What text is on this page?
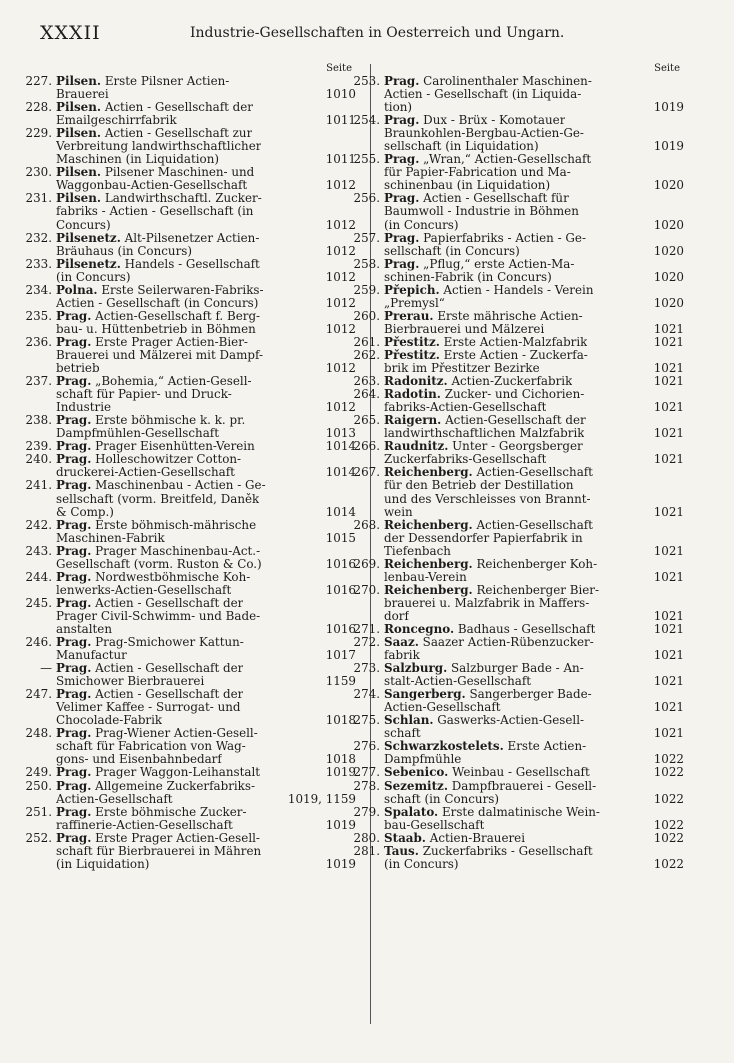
XXXII	Industrie-Gesellschaften in Oesterreich und Ungarn.
Seite
227. Pilsen. Erste Pilsner Actien-
Brauerei	1010
228. Pilsen. Actien - Gesellschaft der
Emailgeschirrfabrik	1011
229. Pilsen. Actien - Gesellschaft zur
Verbreitung landwirthschaftlicher
Maschinen (in Liquidation)	1011
230. Pilsen. Pilsener Maschinen- und
Waggonbau-Actien-Gesellschaft	1012
231. Pilsen. Landwirthschaftl. Zucker-
fabriks - Actien - Gesellschaft (in
Concurs)	1012
232. Pilsenetz. Alt-Pilsenetzer Actien-
Bräuhaus (in Concurs)	1012
233. Pilsenetz. Handels - Gesellschaft
(in Concurs)	1012
234. Polna. Erste Seilerwaren-Fabriks-
Actien - Gesellschaft (in Concurs)	1012
235. Prag. Actien-Gesellschaft f. Berg-
bau- u. Hüttenbetrieb in Böhmen	1012
236. Prag. Erste Prager Actien-Bier-
Brauerei und Mälzerei mit Dampf-
betrieb	1012
237. Prag. „Bohemia,“ Actien-Gesell-
schaft für Papier- und Druck-
Industrie	1012
238. Prag. Erste böhmische k. k. pr.
Dampfmühlen-Gesellschaft	1013
239. Prag. Prager Eisenhütten-Verein	1014
240. Prag. Holleschowitzer Cotton-
druckerei-Actien-Gesellschaft	1014
241. Prag. Maschinenbau - Actien - Ge-
sellschaft (vorm. Breitfeld, Daněk
& Comp.)	1014
242. Prag. Erste böhmisch-mährische
Maschinen-Fabrik	1015
243. Prag. Prager Maschinenbau-Act.-
Gesellschaft (vorm. Ruston & Co.)	1016
244. Prag. Nordwestböhmische Koh-
lenwerks-Actien-Gesellschaft	1016
245. Prag. Actien - Gesellschaft der
Prager Civil-Schwimm- und Bade-
anstalten	1016
246. Prag. Prag-Smichower Kattun-
Manufactur	1017
— Prag. Actien - Gesellschaft der
Smichower Bierbrauerei	1159
247. Prag. Actien - Gesellschaft der
Velimer Kaffee - Surrogat- und
Chocolade-Fabrik	1018
248. Prag. Prag-Wiener Actien-Gesell-
schaft für Fabrication von Wag-
gons- und Eisenbahnbedarf	1018
249. Prag. Prager Waggon-Leihanstalt	1019
250. Prag. Allgemeine Zuckerfabriks-
Actien-Gesellschaft	1019, 1159
251. Prag. Erste böhmische Zucker-
raffinerie-Actien-Gesellschaft	1019
252. Prag. Erste Prager Actien-Gesell-
schaft für Bierbrauerei in Mähren
(in Liquidation)	1019
Seite
253. Prag. Carolinenthaler Maschinen-
Actien - Gesellschaft (in Liquida-
tion)	1019
254. Prag. Dux - Brüx - Komotauer
Braunkohlen-Bergbau-Actien-Ge-
sellschaft (in Liquidation)	1019
255. Prag. „Wran,“ Actien-Gesellschaft
für Papier-Fabrication und Ma-
schinenbau (in Liquidation)	1020
256. Prag. Actien - Gesellschaft für
Baumwoll - Industrie in Böhmen
(in Concurs)	1020
257. Prag. Papierfabriks - Actien - Ge-
sellschaft (in Concurs)	1020
258. Prag. „Pflug,“ erste Actien-Ma-
schinen-Fabrik (in Concurs)	1020
259. Přepich. Actien - Handels - Verein
„Premysl“	1020
260. Prerau. Erste mährische Actien-
Bierbrauerei und Mälzerei	1021
261. Přestitz. Erste Actien-Malzfabrik	1021
262. Přestitz. Erste Actien - Zuckerfa-
brik im Přestitzer Bezirke	1021
263. Radonitz. Actien-Zuckerfabrik	1021
264. Radotin. Zucker- und Cichorien-
fabriks-Actien-Gesellschaft	1021
265. Raigern. Actien-Gesellschaft der
landwirthschaftlichen Malzfabrik	1021
266. Raudnitz. Unter - Georgsberger
Zuckerfabriks-Gesellschaft	1021
267. Reichenberg. Actien-Gesellschaft
für den Betrieb der Destillation
und des Verschleisses von Brannt-
wein	1021
268. Reichenberg. Actien-Gesellschaft
der Dessendorfer Papierfabrik in
Tiefenbach	1021
269. Reichenberg. Reichenberger Koh-
lenbau-Verein	1021
270. Reichenberg. Reichenberger Bier-
brauerei u. Malzfabrik in Maffers-
dorf	1021
271. Roncegno. Badhaus - Gesellschaft	1021
272. Saaz. Saazer Actien-Rübenzucker-
fabrik	1021
273. Salzburg. Salzburger Bade - An-
stalt-Actien-Gesellschaft	1021
274. Sangerberg. Sangerberger Bade-
Actien-Gesellschaft	1021
275. Schlan. Gaswerks-Actien-Gesell-
schaft	1021
276. Schwarzkostelets. Erste Actien-
Dampfmühle	1022
277. Sebenico. Weinbau - Gesellschaft	1022
278. Sezemitz. Dampfbrauerei - Gesell-
schaft (in Concurs)	1022
279. Spalato. Erste dalmatinische Wein-
bau-Gesellschaft	1022
280. Staab. Actien-Brauerei	1022
281. Taus. Zuckerfabriks - Gesellschaft
(in Concurs)	1022
